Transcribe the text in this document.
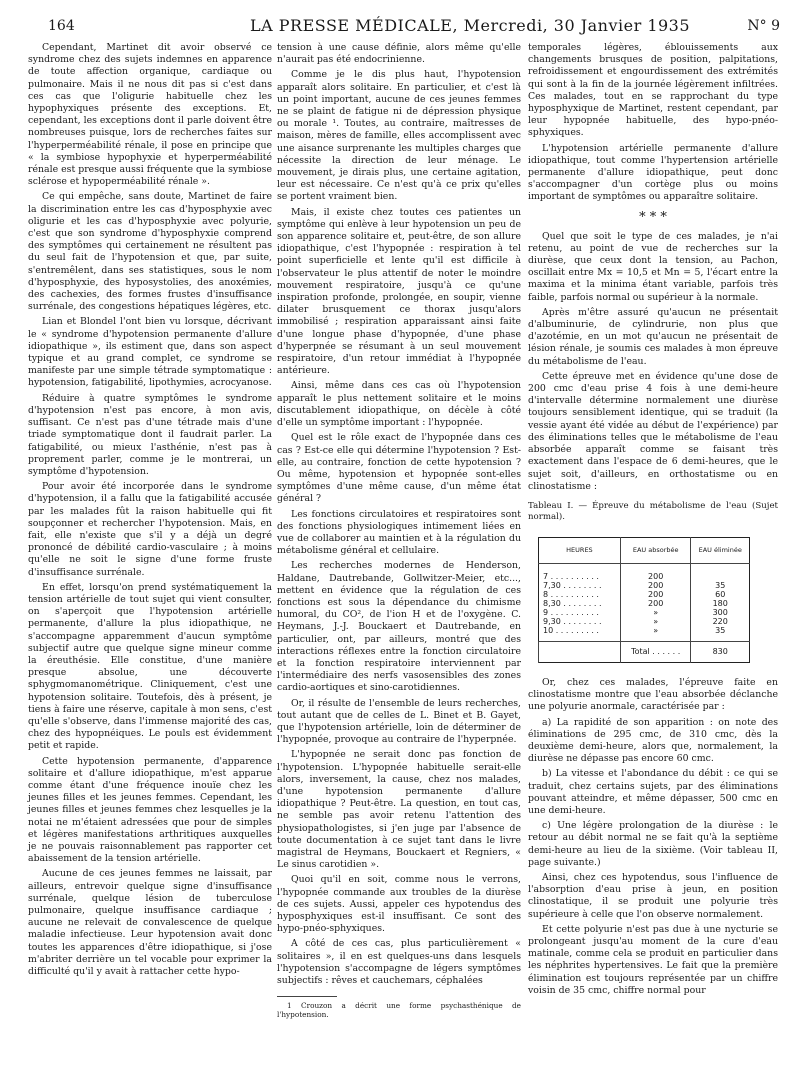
164	LA PRESSE MÉDICALE, Mercredi, 30 Janvier 1935	N° 9

Cependant, Martinet dit avoir observé ce syndrome chez des sujets indemnes en apparence de toute affection organique, cardiaque ou pulmonaire. Mais il ne nous dit pas si c'est dans ces cas que l'oligurie habituelle chez les hypophyxiques présente des exceptions. Et, cependant, les exceptions dont il parle doivent être nombreuses puisque, lors de recherches faites sur l'hyperperméabilité rénale, il pose en principe que « la symbiose hypophyxie et hyperperméabilité rénale est presque aussi fréquente que la symbiose sclérose et hypoperméabilité rénale ».

Ce qui empêche, sans doute, Martinet de faire la discrimination entre les cas d'hyposphyxie avec oligurie et les cas d'hyposphyxie avec polyurie, c'est que son syndrome d'hyposphyxie comprend des symptômes qui certainement ne résultent pas du seul fait de l'hypotension et que, par suite, s'entremêlent, dans ses statistiques, sous le nom d'hyposphyxie, des hyposystolies, des anoxémies, des cachexies, des formes frustes d'insuffisance surrénale, des congestions hépatiques légères, etc.

Lian et Blondel l'ont bien vu lorsque, décrivant le « syndrome d'hypotension permanente d'allure idiopathique », ils estiment que, dans son aspect typique et au grand complet, ce syndrome se manifeste par une simple tétrade symptomatique : hypotension, fatigabilité, lipothymies, acrocyanose.

Réduire à quatre symptômes le syndrome d'hypotension n'est pas encore, à mon avis, suffisant. Ce n'est pas d'une tétrade mais d'une triade symptomatique dont il faudrait parler. La fatigabilité, ou mieux l'asthénie, n'est pas à proprement parler, comme je le montrerai, un symptôme d'hypotension.

Pour avoir été incorporée dans le syndrome d'hypotension, il a fallu que la fatigabilité accusée par les malades fût la raison habituelle qui fit soupçonner et rechercher l'hypotension. Mais, en fait, elle n'existe que s'il y a déjà un degré prononcé de débilité cardio-vasculaire ; à moins qu'elle ne soit le signe d'une forme fruste d'insuffisance surrénale.

En effet, lorsqu'on prend systématiquement la tension artérielle de tout sujet qui vient consulter, on s'aperçoit que l'hypotension artérielle permanente, d'allure la plus idiopathique, ne s'accompagne apparemment d'aucun symptôme subjectif autre que quelque signe mineur comme la éreuthésie. Elle constitue, d'une manière presque absolue, une découverte sphygmomanométrique. Cliniquement, c'est une hypotension solitaire. Toutefois, dès à présent, je tiens à faire une réserve, capitale à mon sens, c'est qu'elle s'observe, dans l'immense majorité des cas, chez des hypopnéiques. Le pouls est évidemment petit et rapide.

Cette hypotension permanente, d'apparence solitaire et d'allure idiopathique, m'est apparue comme étant d'une fréquence inouïe chez les jeunes filles et les jeunes femmes. Cependant, les jeunes filles et jeunes femmes chez lesquelles je la notai ne m'étaient adressées que pour de simples et légères manifestations arthritiques auxquelles je ne pouvais raisonnablement pas rapporter cet abaissement de la tension artérielle.

Aucune de ces jeunes femmes ne laissait, par ailleurs, entrevoir quelque signe d'insuffisance surrénale, quelque lésion de tuberculose pulmonaire, quelque insuffisance cardiaque ; aucune ne relevait de convalescence de quelque maladie infectieuse. Leur hypotension avait donc toutes les apparences d'être idiopathique, si j'ose m'abriter derrière un tel vocable pour exprimer la difficulté qu'il y avait à rattacher cette hypo-

tension à une cause définie, alors même qu'elle n'aurait pas été endocrinienne.

Comme je le dis plus haut, l'hypotension apparaît alors solitaire. En particulier, et c'est là un point important, aucune de ces jeunes femmes ne se plaint de fatigue ni de dépression physique ou morale ¹. Toutes, au contraire, maîtresses de maison, mères de famille, elles accomplissent avec une aisance surprenante les multiples charges que nécessite la direction de leur ménage. Le mouvement, je dirais plus, une certaine agitation, leur est nécessaire. Ce n'est qu'à ce prix qu'elles se portent vraiment bien.

Mais, il existe chez toutes ces patientes un symptôme qui enlève à leur hypotension un peu de son apparence solitaire et, peut-être, de son allure idiopathique, c'est l'hypopnée : respiration à tel point superficielle et lente qu'il est difficile à l'observateur le plus attentif de noter le moindre mouvement respiratoire, jusqu'à ce qu'une inspiration profonde, prolongée, en soupir, vienne dilater brusquement ce thorax jusqu'alors immobilisé ; respiration apparaissant ainsi faite d'une longue phase d'hypopnée, d'une phase d'hyperpnée se résumant à un seul mouvement respiratoire, d'un retour immédiat à l'hypopnée antérieure.

Ainsi, même dans ces cas où l'hypotension apparaît le plus nettement solitaire et le moins discutablement idiopathique, on décèle à côté d'elle un symptôme important : l'hypopnée.

Quel est le rôle exact de l'hypopnée dans ces cas ? Est-ce elle qui détermine l'hypotension ? Est-elle, au contraire, fonction de cette hypotension ? Ou même, hypotension et hypopnée sont-elles symptômes d'une même cause, d'un même état général ?

Les fonctions circulatoires et respiratoires sont des fonctions physiologiques intimement liées en vue de collaborer au maintien et à la régulation du métabolisme général et cellulaire.

Les recherches modernes de Henderson, Haldane, Dautrebande, Gollwitzer-Meier, etc..., mettent en évidence que la régulation de ces fonctions est sous la dépendance du chimisme humoral, du CO², de l'ion H et de l'oxygène. C. Heymans, J.-J. Bouckaert et Dautrebande, en particulier, ont, par ailleurs, montré que des interactions réflexes entre la fonction circulatoire et la fonction respiratoire interviennent par l'intermédiaire des nerfs vasosensibles des zones cardio-aortiques et sino-carotidiennes.

Or, il résulte de l'ensemble de leurs recherches, tout autant que de celles de L. Binet et B. Gayet, que l'hypotension artérielle, loin de déterminer de l'hypopnée, provoque au contraire de l'hyperpnée.

L'hypopnée ne serait donc pas fonction de l'hypotension. L'hypopnée habituelle serait-elle alors, inversement, la cause, chez nos malades, d'une hypotension permanente d'allure idiopathique ? Peut-être. La question, en tout cas, ne semble pas avoir retenu l'attention des physiopathologistes, si j'en juge par l'absence de toute documentation à ce sujet tant dans le livre magistral de Heymans, Bouckaert et Regniers, « Le sinus carotidien ».

Quoi qu'il en soit, comme nous le verrons, l'hypopnée commande aux troubles de la diurèse de ces sujets. Aussi, appeler ces hypotendus des hyposphyxiques est-il insuffisant. Ce sont des hypo-pnéo-sphyxiques.

A côté de ces cas, plus particulièrement « solitaires », il en est quelques-uns dans lesquels l'hypotension s'accompagne de légers symptômes subjectifs : rêves et cauchemars, céphalées

1 Crouzon a décrit une forme psychasthénique de l'hypotension.

temporales légères, éblouissements aux changements brusques de position, palpitations, refroidissement et engourdissement des extrémités qui sont à la fin de la journée légèrement infiltrées. Ces malades, tout en se rapprochant du type hyposphyxique de Martinet, restent cependant, par leur hypopnée habituelle, des hypo-pnéo-sphyxiques.

L'hypotension artérielle permanente d'allure idiopathique, tout comme l'hypertension artérielle permanente d'allure idiopathique, peut donc s'accompagner d'un cortège plus ou moins important de symptômes ou apparaître solitaire.

* * *

Quel que soit le type de ces malades, je n'ai retenu, au point de vue de recherches sur la diurèse, que ceux dont la tension, au Pachon, oscillait entre Mx = 10,5 et Mn = 5, l'écart entre la maxima et la minima étant variable, parfois très faible, parfois normal ou supérieur à la normale.

Après m'être assuré qu'aucun ne présentait d'albuminurie, de cylindrurie, non plus que d'azotémie, en un mot qu'aucun ne présentait de lésion rénale, je soumis ces malades à mon épreuve du métabolisme de l'eau.

Cette épreuve met en évidence qu'une dose de 200 cmc d'eau prise 4 fois à une demi-heure d'intervalle détermine normalement une diurèse toujours sensiblement identique, qui se traduit (la vessie ayant été vidée au début de l'expérience) par des éliminations telles que le métabolisme de l'eau absorbée apparaît comme se faisant très exactement dans l'espace de 6 demi-heures, que le sujet soit, d'ailleurs, en orthostatisme ou en clinostatisme :

Tableau I. — Épreuve du métabolisme de l'eau (Sujet normal).

HEURES	EAU absorbée	EAU éliminée
7 . . . . . . . . . .	200	
7,30 . . . . . . . .	200	35
8 . . . . . . . . . .	200	60
8,30 . . . . . . . .	200	180
9 . . . . . . . . . .	»	300
9,30 . . . . . . . .	»	220
10 . . . . . . . . .	»	35
	Total . . . . . .	830

Or, chez ces malades, l'épreuve faite en clinostatisme montre que l'eau absorbée déclanche une polyurie anormale, caractérisée par :

a) La rapidité de son apparition : on note des éliminations de 295 cmc, de 310 cmc, dès la deuxième demi-heure, alors que, normalement, la diurèse ne dépasse pas encore 60 cmc.

b) La vitesse et l'abondance du débit : ce qui se traduit, chez certains sujets, par des éliminations pouvant atteindre, et même dépasser, 500 cmc en une demi-heure.

c) Une légère prolongation de la diurèse : le retour au débit normal ne se fait qu'à la septième demi-heure au lieu de la sixième. (Voir tableau II, page suivante.)

Ainsi, chez ces hypotendus, sous l'influence de l'absorption d'eau prise à jeun, en position clinostatique, il se produit une polyurie très supérieure à celle que l'on observe normalement.

Et cette polyurie n'est pas due à une nycturie se prolongeant jusqu'au moment de la cure d'eau matinale, comme cela se produit en particulier dans les néphrites hypertensives. Le fait que la première élimination est toujours représentée par un chiffre voisin de 35 cmc, chiffre normal pour
